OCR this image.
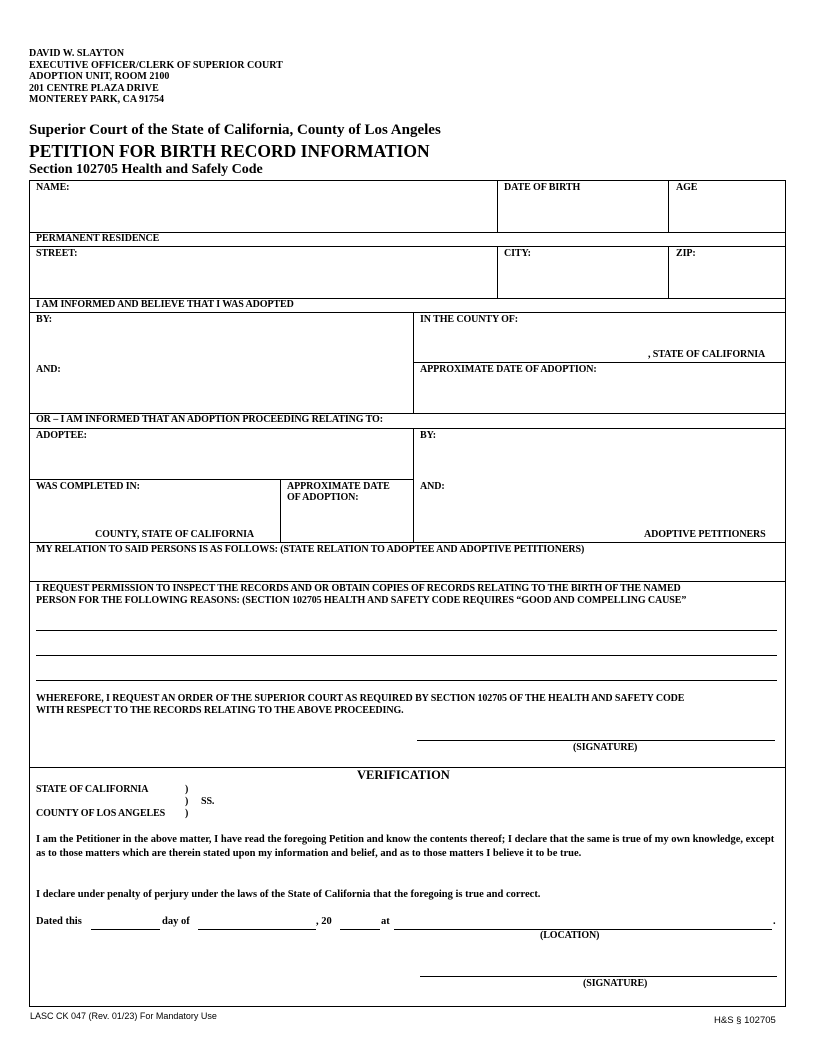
DAVID W. SLAYTON
EXECUTIVE OFFICER/CLERK OF SUPERIOR COURT
ADOPTION UNIT, ROOM 2100
201 CENTRE PLAZA DRIVE
MONTEREY PARK, CA 91754
Superior Court of the State of California, County of Los Angeles
PETITION FOR BIRTH RECORD INFORMATION
Section 102705 Health and Safely Code
NAME:	DATE OF BIRTH	AGE
PERMANENT RESIDENCE
STREET:	CITY:	ZIP:
I AM INFORMED AND BELIEVE THAT I WAS ADOPTED
BY:	IN THE COUNTY OF:
, STATE OF CALIFORNIA
AND:	APPROXIMATE DATE OF ADOPTION:
OR – I AM INFORMED THAT AN ADOPTION PROCEEDING RELATING TO:
ADOPTEE:	BY:
WAS COMPLETED IN:	APPROXIMATE DATE
OF ADOPTION:
AND:
COUNTY, STATE OF CALIFORNIA	ADOPTIVE PETITIONERS
MY RELATION TO SAID PERSONS IS AS FOLLOWS: (STATE RELATION TO ADOPTEE AND ADOPTIVE PETITIONERS)
I REQUEST PERMISSION TO INSPECT THE RECORDS AND OR OBTAIN COPIES OF RECORDS RELATING TO THE BIRTH OF THE NAMED
PERSON FOR THE FOLLOWING REASONS: (SECTION 102705 HEALTH AND SAFETY CODE REQUIRES “GOOD AND COMPELLING CAUSE”
WHEREFORE, I REQUEST AN ORDER OF THE SUPERIOR COURT AS REQUIRED BY SECTION 102705 OF THE HEALTH AND SAFETY CODE
WITH RESPECT TO THE RECORDS RELATING TO THE ABOVE PROCEEDING.
(SIGNATURE)
VERIFICATION
STATE OF CALIFORNIA	)
) SS.
COUNTY OF LOS ANGELES )
I am the Petitioner in the above matter, I have read the foregoing Petition and know the contents thereof; I declare that the same is true of my own knowledge, except as to those matters which are therein stated upon my information and belief, and as to those matters I believe it to be true.
I declare under penalty of perjury under the laws of the State of California that the foregoing is true and correct.
Dated this	day of	, 20	at	.
(LOCATION)
(SIGNATURE)
LASC CK 047 (Rev. 01/23) For Mandatory Use	H&S § 102705
